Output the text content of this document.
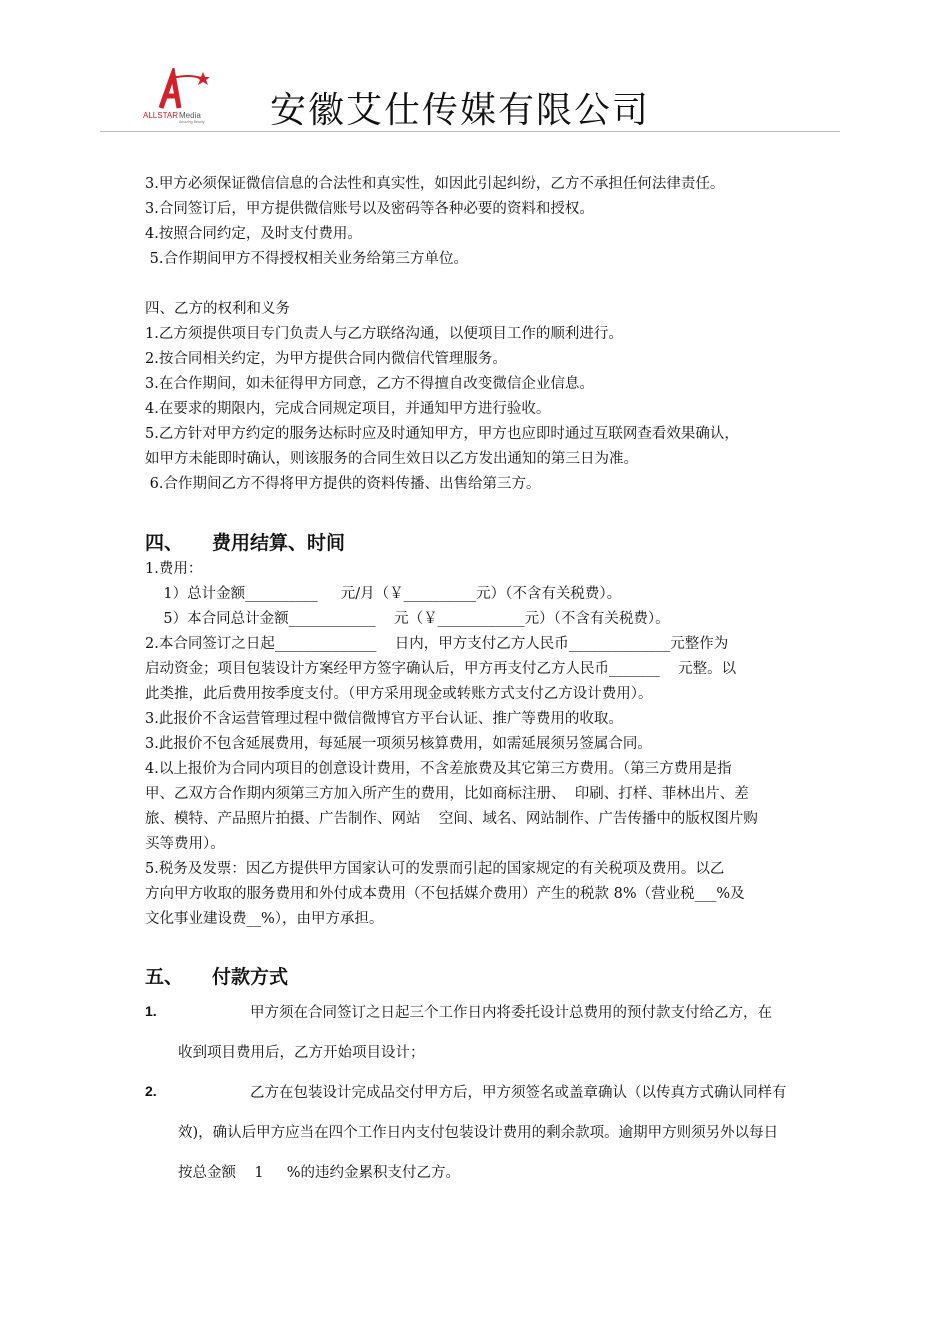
ALLSTAR Media
Amazing Beauty 安徽艾仕传媒有限公司
3.甲方必须保证微信信息的合法性和真实性，如因此引起纠纷，乙方不承担任何法律责任。
3.合同签订后，甲方提供微信账号以及密码等各种必要的资料和授权。
4.按照合同约定，及时支付费用。
5.合作期间甲方不得授权相关业务给第三方单位。
四、乙方的权利和义务
1.乙方须提供项目专门负责人与乙方联络沟通，以便项目工作的顺利进行。
2.按合同相关约定，为甲方提供合同内微信代管理服务。
3.在合作期间，如未征得甲方同意，乙方不得擅自改变微信企业信息。
4.在要求的期限内，完成合同规定项目，并通知甲方进行验收。
5.乙方针对甲方约定的服务达标时应及时通知甲方，甲方也应即时通过互联网查看效果确认，
如甲方未能即时确认，则该服务的合同生效日以乙方发出通知的第三日为准。
6.合作期间乙方不得将甲方提供的资料传播、出售给第三方。
四、 费用结算、时间
1.费用：
1）总计金额__________     元/月（￥__________元）（不含有关税费）。
5）本合同总计金额____________    元（￥____________元）（不含有关税费）。
2.本合同签订之日起______________    日内，甲方支付乙方人民币______________元整作为
启动资金；项目包装设计方案经甲方签字确认后，甲方再支付乙方人民币_______    元整。以
此类推，此后费用按季度支付。（甲方采用现金或转账方式支付乙方设计费用）。
3.此报价不含运营管理过程中微信微博官方平台认证、推广等费用的收取。
3.此报价不包含延展费用，每延展一项须另核算费用，如需延展须另签属合同。
4.以上报价为合同内项目的创意设计费用，不含差旅费及其它第三方费用。（第三方费用是指
甲、乙双方合作期内须第三方加入所产生的费用，比如商标注册、  印刷、打样、菲林出片、差
旅、模特、产品照片拍摄、广告制作、网站    空间、域名、网站制作、广告传播中的版权图片购
买等费用）。
5.税务及发票：因乙方提供甲方国家认可的发票而引起的国家规定的有关税项及费用。以乙
方向甲方收取的服务费用和外付成本费用（不包括媒介费用）产生的税款 8%（营业税___%及
文化事业建设费__%），由甲方承担。
五、 付款方式
1.	甲方须在合同签订之日起三个工作日内将委托设计总费用的预付款支付给乙方，在
收到项目费用后，乙方开始项目设计；
2.	乙方在包装设计完成品交付甲方后，甲方须签名或盖章确认（以传真方式确认同样有
效)，确认后甲方应当在四个工作日内支付包装设计费用的剩余款项。逾期甲方则须另外以每日
按总金额    1     %的违约金累积支付乙方。
